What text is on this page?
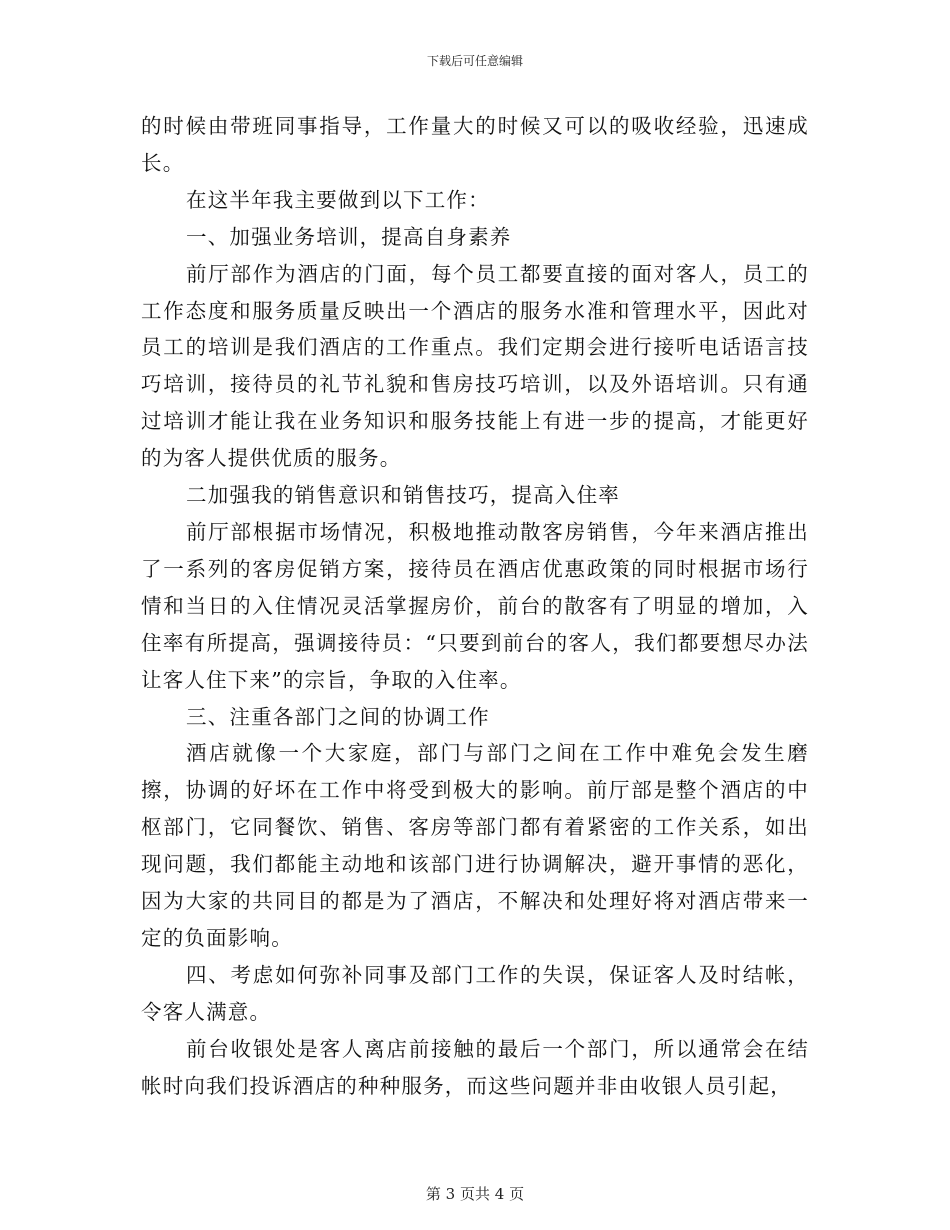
下载后可任意编辑

的时候由带班同事指导，工作量大的时候又可以的吸收经验，迅速成长。

在这半年我主要做到以下工作：

一、加强业务培训，提高自身素养

前厅部作为酒店的门面，每个员工都要直接的面对客人，员工的工作态度和服务质量反映出一个酒店的服务水准和管理水平，因此对员工的培训是我们酒店的工作重点。我们定期会进行接听电话语言技巧培训，接待员的礼节礼貌和售房技巧培训，以及外语培训。只有通过培训才能让我在业务知识和服务技能上有进一步的提高，才能更好的为客人提供优质的服务。

二加强我的销售意识和销售技巧，提高入住率

前厅部根据市场情况，积极地推动散客房销售，今年来酒店推出了一系列的客房促销方案，接待员在酒店优惠政策的同时根据市场行情和当日的入住情况灵活掌握房价，前台的散客有了明显的增加，入住率有所提高，强调接待员：“只要到前台的客人，我们都要想尽办法让客人住下来”的宗旨，争取的入住率。

三、注重各部门之间的协调工作

酒店就像一个大家庭，部门与部门之间在工作中难免会发生磨擦，协调的好坏在工作中将受到极大的影响。前厅部是整个酒店的中枢部门，它同餐饮、销售、客房等部门都有着紧密的工作关系，如出现问题，我们都能主动地和该部门进行协调解决，避开事情的恶化，因为大家的共同目的都是为了酒店，不解决和处理好将对酒店带来一定的负面影响。

四、考虑如何弥补同事及部门工作的失误，保证客人及时结帐，令客人满意。

前台收银处是客人离店前接触的最后一个部门，所以通常会在结帐时向我们投诉酒店的种种服务，而这些问题并非由收银人员引起，

第 3 页共 4 页
